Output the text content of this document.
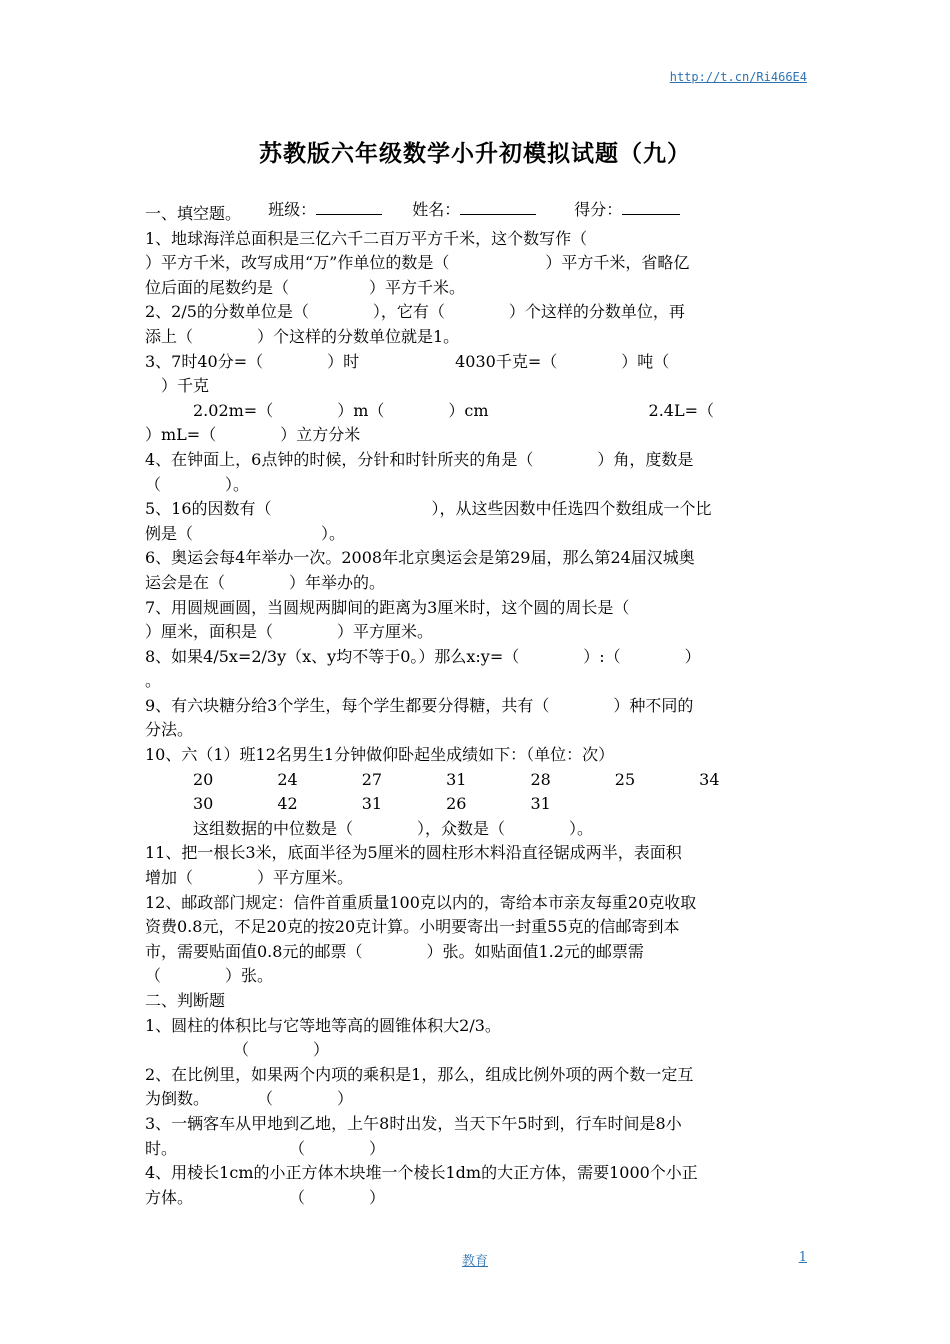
http://t.cn/Ri466E4
苏教版六年级数学小升初模拟试题（九）

班级：	姓名：	得分：

一、填空题。
1、地球海洋总面积是三亿六千二百万平方千米，这个数写作（
）平方千米，改写成用“万”作单位的数是（　　　　　　）平方千米，省略亿
位后面的尾数约是（　　　　　）平方千米。
2、2/5的分数单位是（　　　　），它有（　　　　）个这样的分数单位，再
添上（　　　　）个这样的分数单位就是1。
3、7时40分=（　　　　）时　　　　　　4030千克=（　　　　）吨（
　）千克
　　　2.02m=（　　　　）m（　　　　）cm　　　　　　　　　　2.4L=（
）mL=（　　　　）立方分米
4、在钟面上，6点钟的时候，分针和时针所夹的角是（　　　　）角，度数是
（　　　　）。
5、16的因数有（　　　　　　　　　　），从这些因数中任选四个数组成一个比
例是（　　　　　　　　）。
6、奥运会每4年举办一次。2008年北京奥运会是第29届，那么第24届汉城奥
运会是在（　　　　）年举办的。
7、用圆规画圆，当圆规两脚间的距离为3厘米时，这个圆的周长是（
）厘米，面积是（　　　　）平方厘米。
8、如果4/5x=2/3y（x、y均不等于0。）那么x:y=（　　　　）:（　　　　）
。
9、有六块糖分给3个学生，每个学生都要分得糖，共有（　　　　）种不同的
分法。
10、六（1）班12名男生1分钟做仰卧起坐成绩如下：（单位：次）
　　　20　　　　24　　　　27　　　　31　　　　28　　　　25　　　　34
　　　30　　　　42　　　　31　　　　26　　　　31
　　　这组数据的中位数是（　　　　），众数是（　　　　）。
11、把一根长3米，底面半径为5厘米的圆柱形木料沿直径锯成两半，表面积
增加（　　　　）平方厘米。
12、邮政部门规定：信件首重质量100克以内的，寄给本市亲友每重20克收取
资费0.8元，不足20克的按20克计算。小明要寄出一封重55克的信邮寄到本
市，需要贴面值0.8元的邮票（　　　　）张。如贴面值1.2元的邮票需
（　　　　）张。
二、判断题
1、圆柱的体积比与它等地等高的圆锥体积大2/3。
　　　　　　（　　　　）
2、在比例里，如果两个内项的乘积是1，那么，组成比例外项的两个数一定互
为倒数。　　　　（　　　　）
3、一辆客车从甲地到乙地，上午8时出发，当天下午5时到，行车时间是8小
时。　　　　　　　　（　　　　）
4、用棱长1cm的小正方体木块堆一个棱长1dm的大正方体，需要1000个小正
方体。　　　　　　　（　　　　）
教育	1
